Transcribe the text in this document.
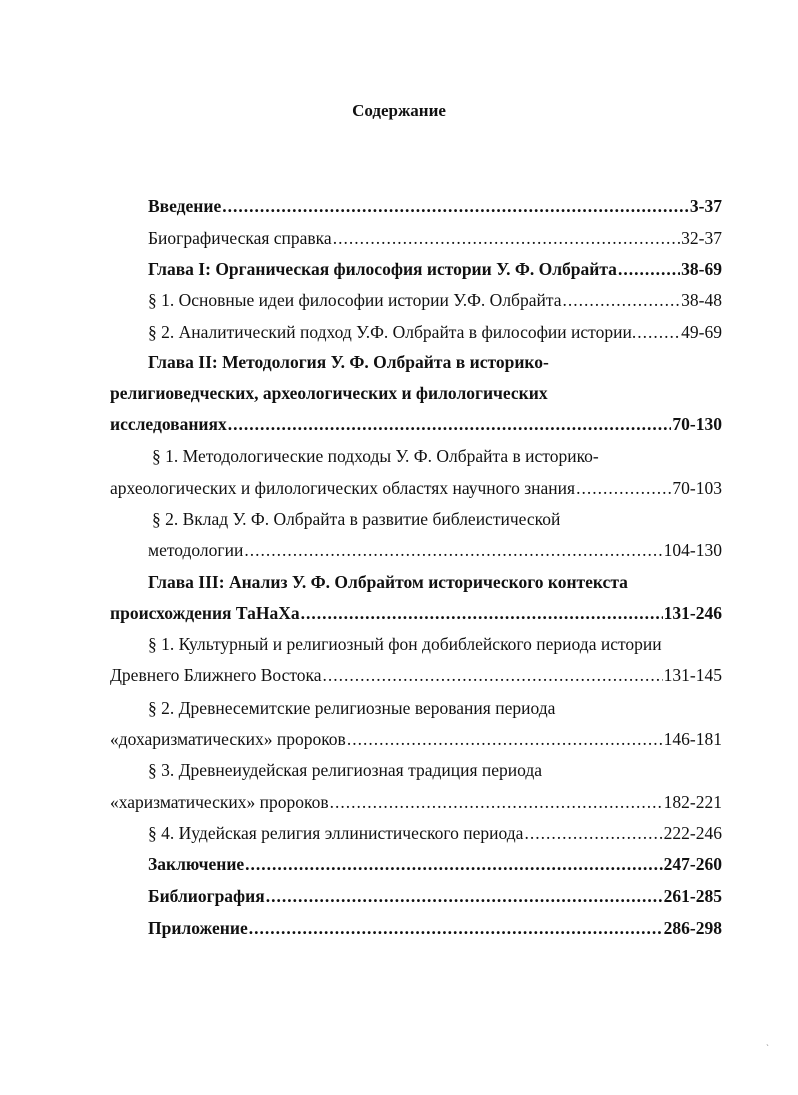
Содержание
Введение .....	3-37
Биографическая справка .....	32-37
Глава I: Органическая философия истории У. Ф. Олбрайта .....	38-69
§ 1. Основные идеи философии истории У.Ф. Олбрайта .....	38-48
§ 2. Аналитический подход У.Ф. Олбрайта в философии истории. .....	49-69
Глава II: Методология У. Ф. Олбрайта в историко-
религиоведческих, археологических и филологических
исследованиях .....	70-130
§ 1. Методологические подходы У. Ф. Олбрайта в историко-
археологических и филологических областях научного знания .....	70-103
§ 2. Вклад У. Ф. Олбрайта в развитие библеистической
методологии .....	104-130
Глава III: Анализ У. Ф. Олбрайтом исторического контекста
происхождения ТаНаХа .....	131-246
§ 1. Культурный и религиозный фон добиблейского периода истории
Древнего Ближнего Востока .....	131-145
§ 2. Древнесемитские религиозные верования периода
«дохаризматических» пророков .....	146-181
§ 3. Древнеиудейская религиозная традиция периода
«харизматических» пророков .....	182-221
§ 4. Иудейская религия эллинистического периода .....	222-246
Заключение .....	247-260
Библиография .....	261-285
Приложение .....	286-298
ˎ
